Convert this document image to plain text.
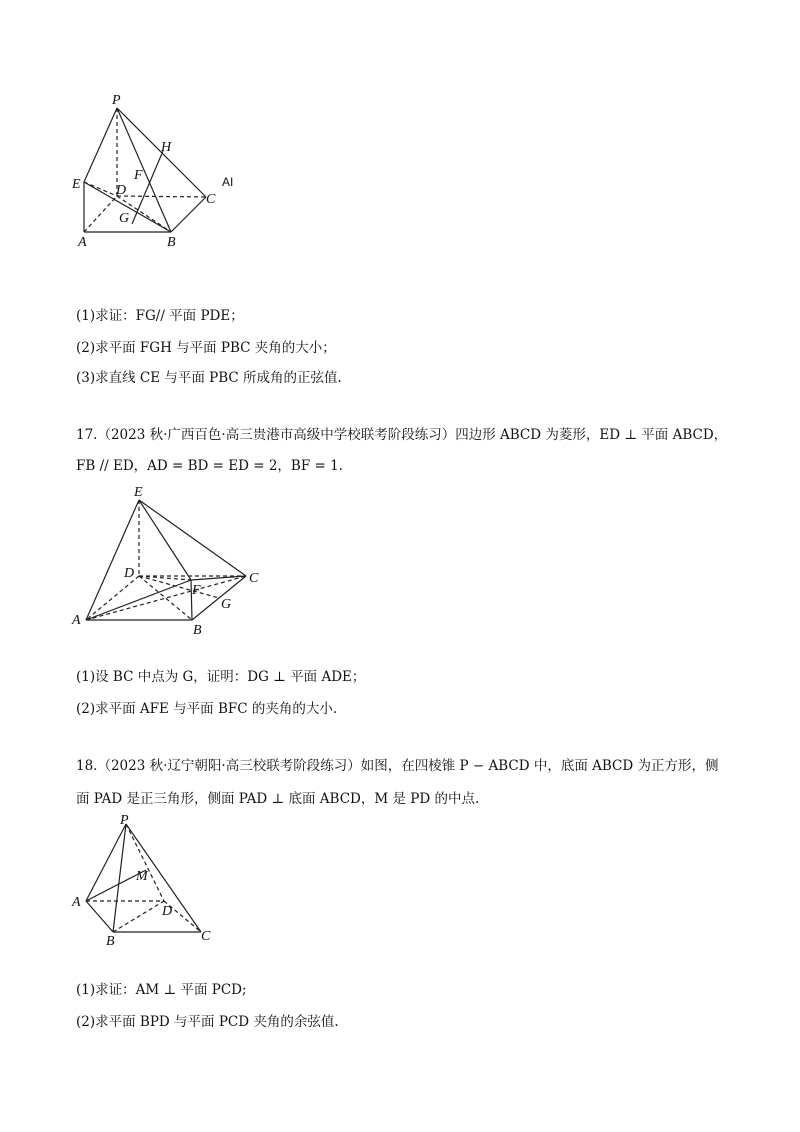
P
H
F
E	D
C
AI
G
A	B
(1)求证：FG// 平面 PDE；
(2)求平面 FGH 与平面 PBC 夹角的大小；
(3)求直线 CE 与平面 PBC 所成角的正弦值.
17.（2023 秋·广西百色·高三贵港市高级中学校联考阶段练习）四边形 ABCD 为菱形，ED ⊥ 平面 ABCD，
FB // ED，AD = BD = ED = 2，BF = 1.
E
D	C
F
G
A
B
(1)设 BC 中点为 G，证明：DG ⊥ 平面 ADE；
(2)求平面 AFE 与平面 BFC 的夹角的大小.
18.（2023 秋·辽宁朝阳·高三校联考阶段练习）如图，在四棱锥 P − ABCD 中，底面 ABCD 为正方形，侧
面 PAD 是正三角形，侧面 PAD ⊥ 底面 ABCD，M 是 PD 的中点.
P
M
A
D
B	C
(1)求证：AM ⊥ 平面 PCD;
(2)求平面 BPD 与平面 PCD 夹角的余弦值.
